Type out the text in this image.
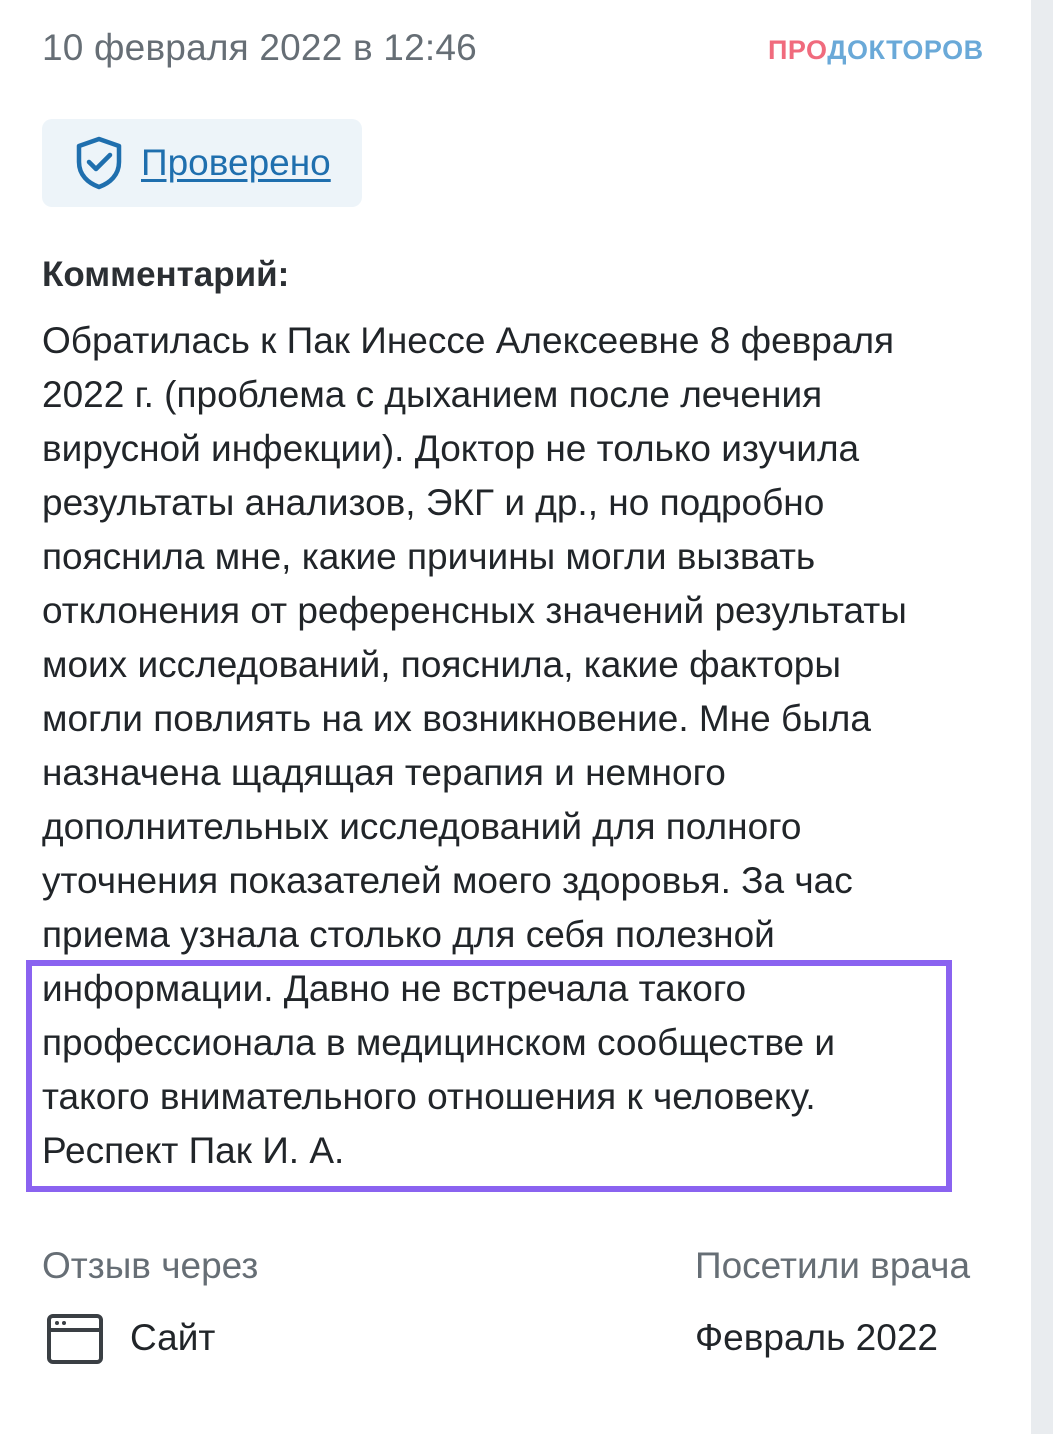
10 февраля 2022 в 12:46	ПРОДОКТОРОВ
Проверено
Комментарий:

Обратилась к Пак Инессе Алексеевне 8 февраля
2022 г. (проблема с дыханием после лечения
вирусной инфекции). Доктор не только изучила
результаты анализов, ЭКГ и др., но подробно
пояснила мне, какие причины могли вызвать
отклонения от референсных значений результаты
моих исследований, пояснила, какие факторы
могли повлиять на их возникновение. Мне была
назначена щадящая терапия и немного
дополнительных исследований для полного
уточнения показателей моего здоровья. За час
приема узнала столько для себя полезной
информации. Давно не встречала такого
профессионала в медицинском сообществе и
такого внимательного отношения к человеку.
Респект Пак И. А.

Отзыв через	Посетили врача
Сайт	Февраль 2022
